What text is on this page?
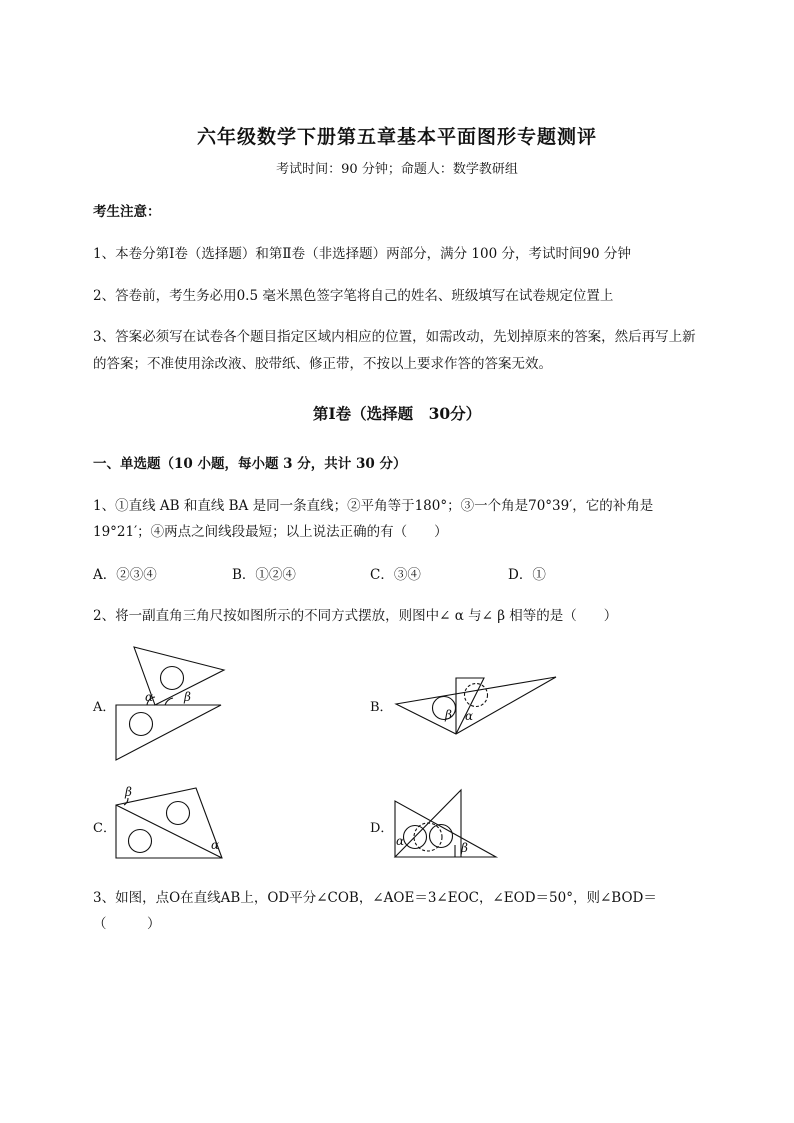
六年级数学下册第五章基本平面图形专题测评
考试时间：90 分钟；命题人：数学教研组
考生注意：
1、本卷分第Ⅰ卷（选择题）和第Ⅱ卷（非选择题）两部分，满分 100 分，考试时间90 分钟
2、答卷前，考生务必用0.5 毫米黑色签字笔将自己的姓名、班级填写在试卷规定位置上
3、答案必须写在试卷各个题目指定区域内相应的位置，如需改动，先划掉原来的答案，然后再写上新
的答案；不准使用涂改液、胶带纸、修正带，不按以上要求作答的答案无效。
第Ⅰ卷（选择题　30分）
一、单选题（10 小题，每小题 3 分，共计 30 分）
1、①直线 AB 和直线 BA 是同一条直线；②平角等于180°；③一个角是70°39′，它的补角是
19°21′；④两点之间线段最短；以上说法正确的有（　　）
A．②③④	B．①②④	C．③④	D．①
2、将一副直角三角尺按如图所示的不同方式摆放，则图中∠ α 与∠ β 相等的是（　　）
A．	B．
C．	D．
α	β
β α
β
α	α	β
3、如图，点O在直线AB上，OD平分∠COB，∠AOE＝3∠EOC，∠EOD＝50°，则∠BOD＝
（　　　）
